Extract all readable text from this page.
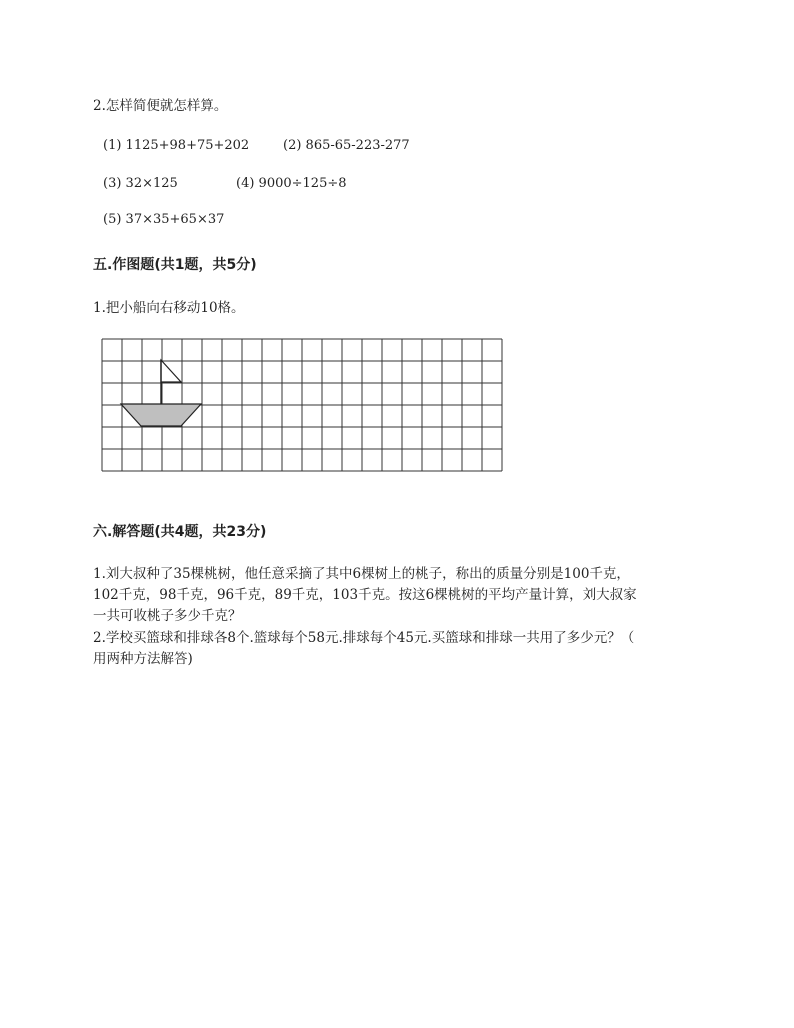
2.怎样简便就怎样算。
(1) 1125+98+75+202	(2) 865-65-223-277
(3) 32×125	(4) 9000÷125÷8
(5) 37×35+65×37
五.作图题(共1题，共5分)
1.把小船向右移动10格。
六.解答题(共4题，共23分)
1.刘大叔种了35棵桃树，他任意采摘了其中6棵树上的桃子，称出的质量分别是100千克，
102千克，98千克，96千克，89千克，103千克。按这6棵桃树的平均产量计算，刘大叔家
一共可收桃子多少千克？
2.学校买篮球和排球各8个.篮球每个58元.排球每个45元.买篮球和排球一共用了多少元？（
用两种方法解答)
